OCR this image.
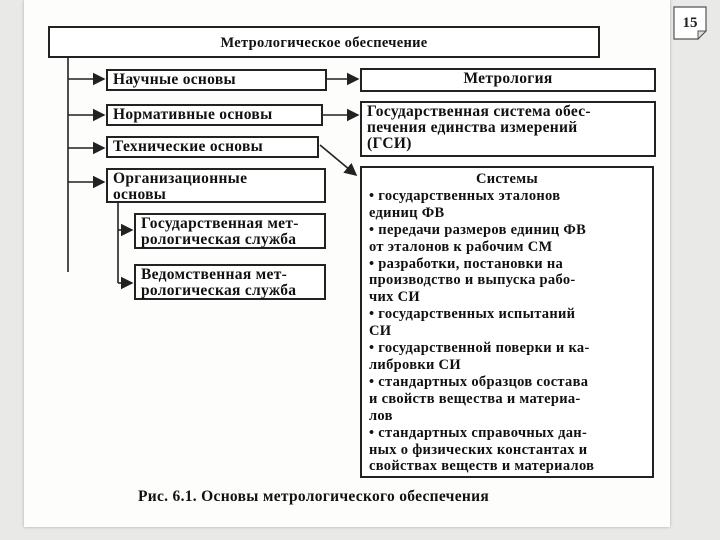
15
Метрологическое обеспечение
Научные основы
Нормативные основы
Технические основы
Организационные
основы
Государственная мет-
рологическая служба
Ведомственная мет-
рологическая служба
Метрология
Государственная система обес-
печения единства измерений
(ГСИ)
Системы
• государственных эталонов
единиц ФВ
• передачи размеров единиц ФВ
от эталонов к рабочим СМ
• разработки, постановки на
производство и выпуска рабо-
чих СИ
• государственных испытаний
СИ
• государственной поверки и ка-
либровки СИ
• стандартных образцов состава
и свойств вещества и материа-
лов
• стандартных справочных дан-
ных о физических константах и
свойствах веществ и материалов
Рис. 6.1. Основы метрологического обеспечения
